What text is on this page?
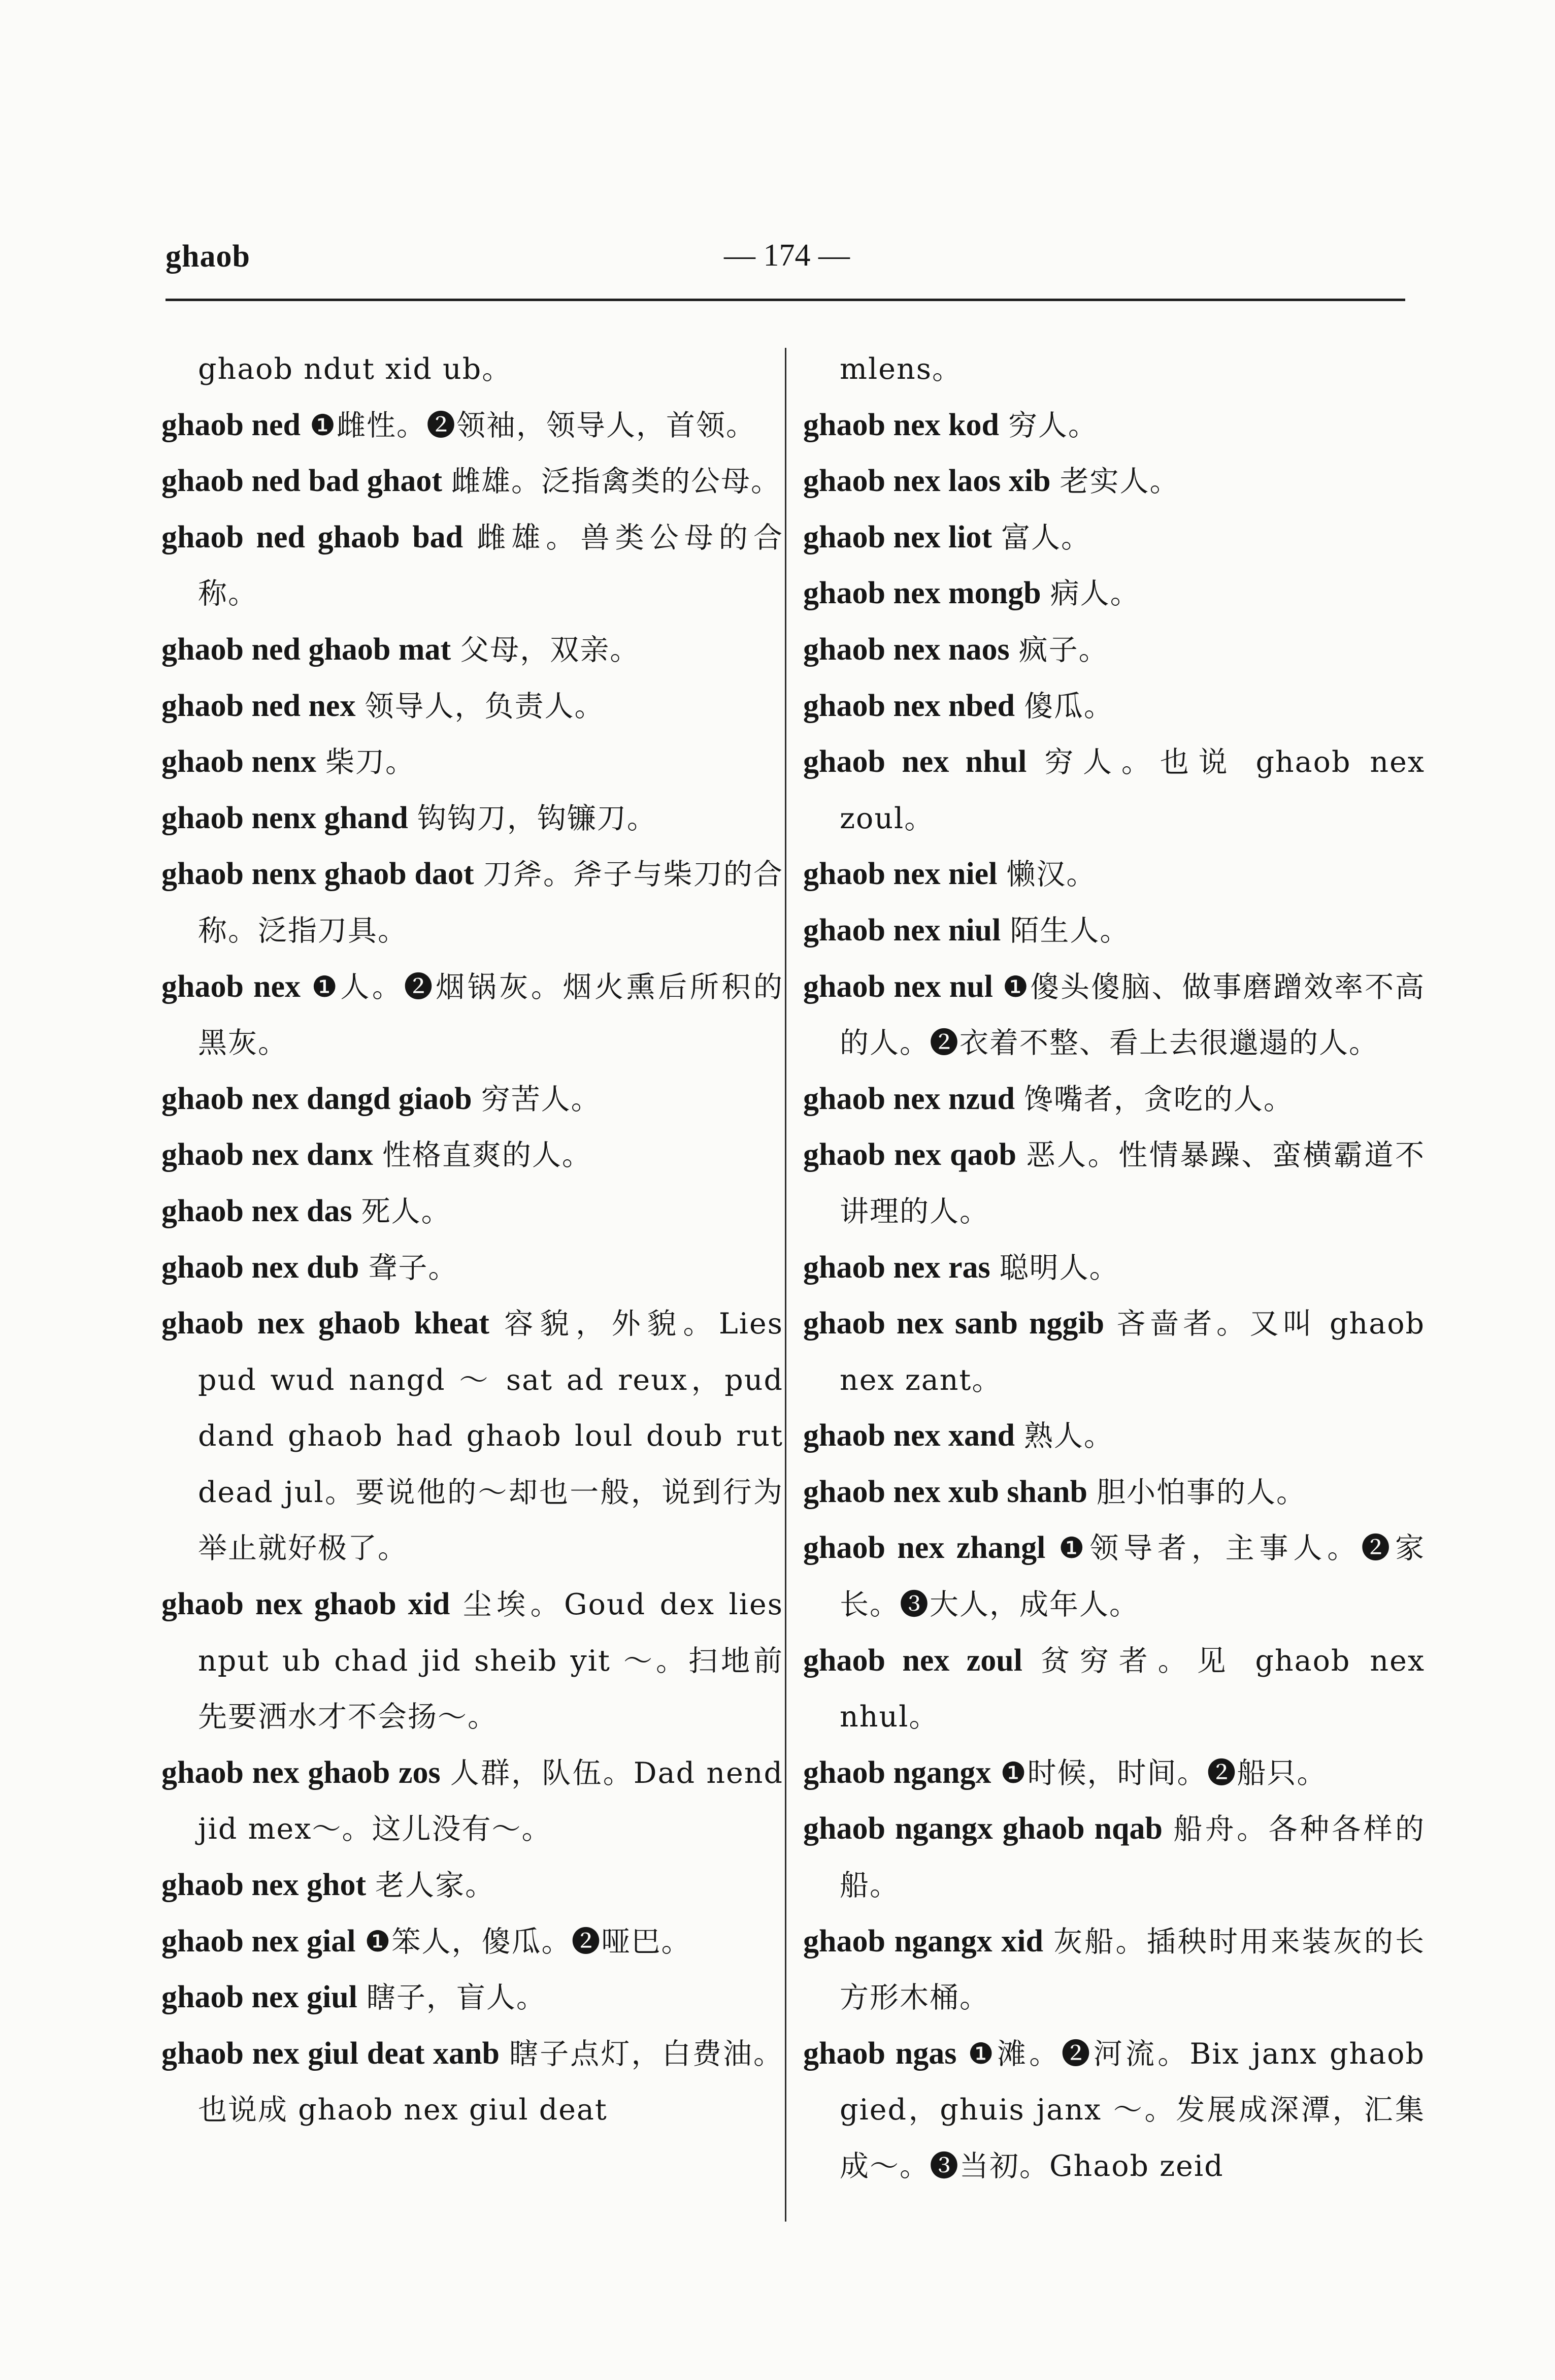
ghaob	— 174 —
ghaob ndut xid ub。
ghaob ned ❶雌性。❷领袖，领导人，首领。
ghaob ned bad ghaot 雌雄。泛指禽类的公母。
ghaob ned ghaob bad 雌雄。兽类公母的合称。
ghaob ned ghaob mat 父母，双亲。
ghaob ned nex 领导人，负责人。
ghaob nenx 柴刀。
ghaob nenx ghand 钩钩刀，钩镰刀。
ghaob nenx ghaob daot 刀斧。斧子与柴刀的合称。泛指刀具。
ghaob nex ❶人。❷烟锅灰。烟火熏后所积的黑灰。
ghaob nex dangd giaob 穷苦人。
ghaob nex danx 性格直爽的人。
ghaob nex das 死人。
ghaob nex dub 聋子。
ghaob nex ghaob kheat 容貌，外貌。Lies pud wud nangd ～ sat ad reux，pud dand ghaob had ghaob loul doub rut dead jul。要说他的～却也一般，说到行为举止就好极了。
ghaob nex ghaob xid 尘埃。Goud dex lies nput ub chad jid sheib yit ～。扫地前先要洒水才不会扬～。
ghaob nex ghaob zos 人群，队伍。Dad nend jid mex～。这儿没有～。
ghaob nex ghot 老人家。
ghaob nex gial ❶笨人，傻瓜。❷哑巴。
ghaob nex giul 瞎子，盲人。
ghaob nex giul deat xanb 瞎子点灯，白费油。也说成 ghaob nex giul deat
mlens。
ghaob nex kod 穷人。
ghaob nex laos xib 老实人。
ghaob nex liot 富人。
ghaob nex mongb 病人。
ghaob nex naos 疯子。
ghaob nex nbed 傻瓜。
ghaob nex nhul 穷人。也说 ghaob nex zoul。
ghaob nex niel 懒汉。
ghaob nex niul 陌生人。
ghaob nex nul ❶傻头傻脑、做事磨蹭效率不高的人。❷衣着不整、看上去很邋遢的人。
ghaob nex nzud 馋嘴者，贪吃的人。
ghaob nex qaob 恶人。性情暴躁、蛮横霸道不讲理的人。
ghaob nex ras 聪明人。
ghaob nex sanb nggib 吝啬者。又叫 ghaob nex zant。
ghaob nex xand 熟人。
ghaob nex xub shanb 胆小怕事的人。
ghaob nex zhangl ❶领导者，主事人。❷家长。❸大人，成年人。
ghaob nex zoul 贫穷者。见 ghaob nex nhul。
ghaob ngangx ❶时候，时间。❷船只。
ghaob ngangx ghaob nqab 船舟。各种各样的船。
ghaob ngangx xid 灰船。插秧时用来装灰的长方形木桶。
ghaob ngas ❶滩。❷河流。Bix janx ghaob gied，ghuis janx ～。发展成深潭，汇集成～。❸当初。Ghaob zeid
